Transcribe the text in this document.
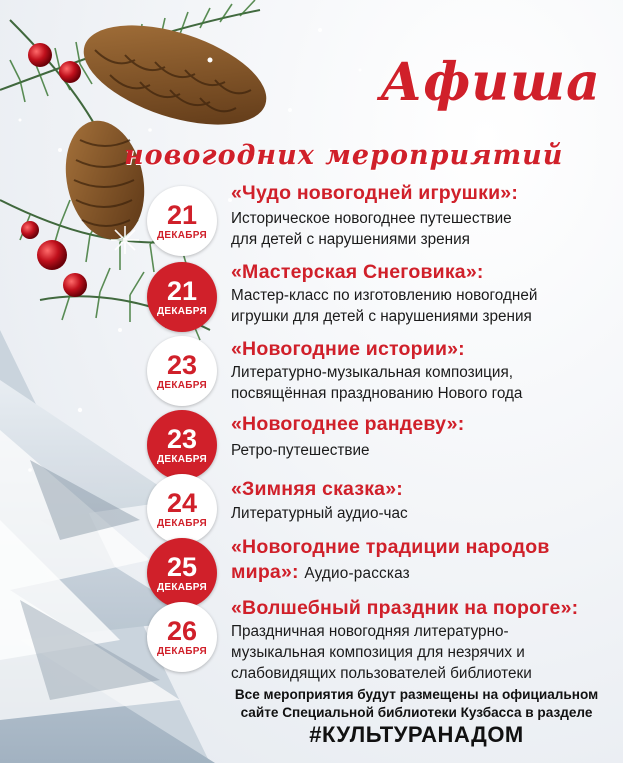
Афиша
новогодних мероприятий
21
ДЕКАБРЯ
«Чудо новогодней игрушки»:
Историческое новогоднее путешествие
для детей с нарушениями зрения
21
ДЕКАБРЯ
«Мастерская Снеговика»:
Мастер-класс по изготовлению новогодней
игрушки для детей с нарушениями зрения
23
ДЕКАБРЯ
«Новогодние истории»:
Литературно-музыкальная композиция,
посвящённая празднованию Нового года
23
ДЕКАБРЯ
«Новогоднее рандеву»:
Ретро-путешествие
24
ДЕКАБРЯ
«Зимняя сказка»:
Литературный аудио-час
25
ДЕКАБРЯ
«Новогодние традиции народов
мира»: Аудио-рассказ
26
ДЕКАБРЯ
«Волшебный праздник на пороге»:
Праздничная новогодняя литературно-
музыкальная композиция для незрячих и
слабовидящих пользователей библиотеки
Все мероприятия будут размещены на официальном
сайте Специальной библиотеки Кузбасса в разделе
#КУЛЬТУРАНАДОМ
